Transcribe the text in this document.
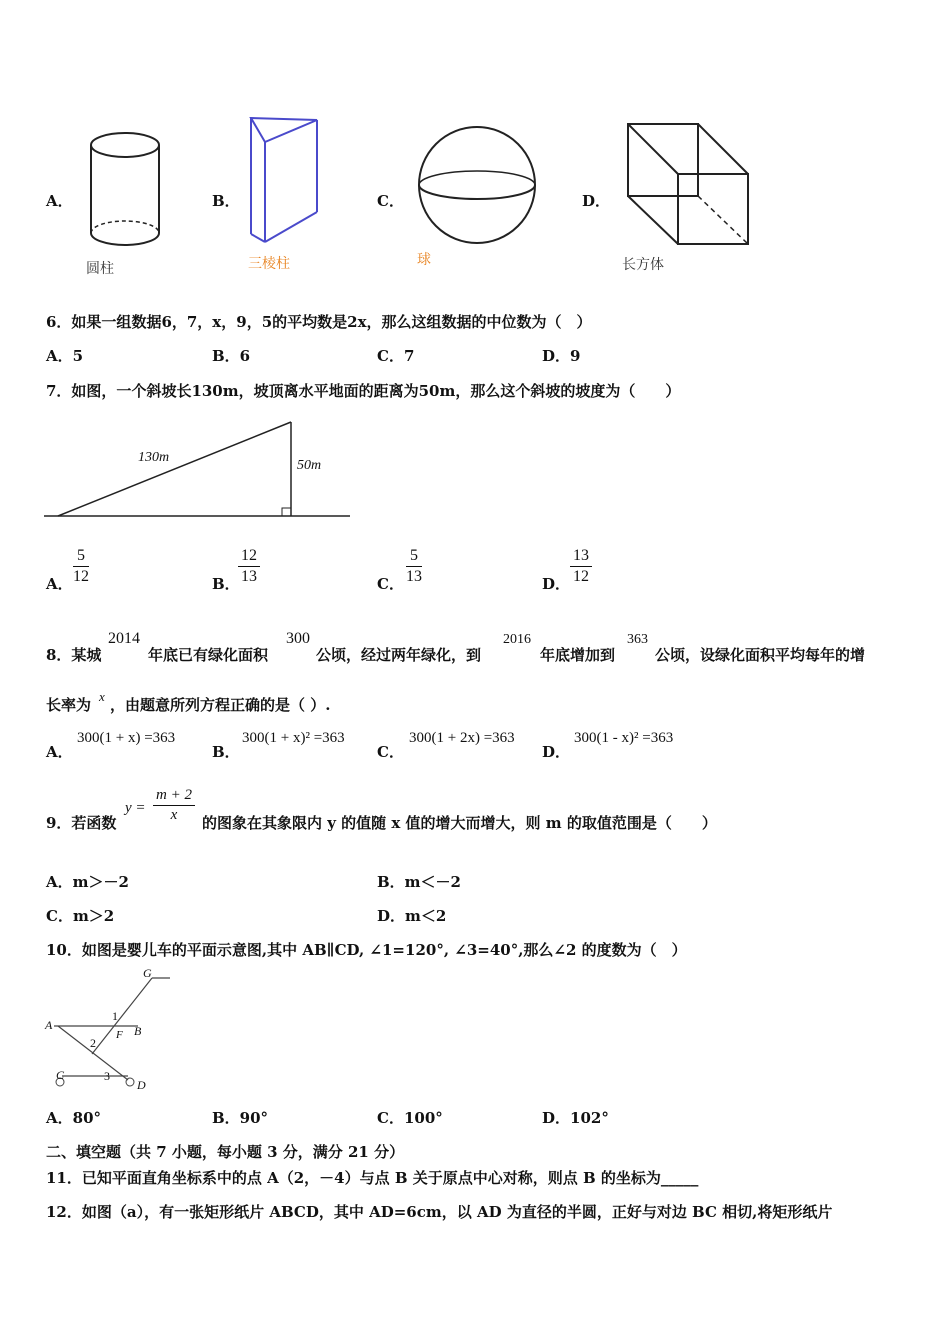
A．
圆柱
B．
三棱柱
C．
球
D．
长方体
6．如果一组数据6，7，x，9，5的平均数是2x，那么这组数据的中位数为（　）
A．5	B．6	C．7	D．9
7．如图，一个斜坡长130m，坡顶离水平地面的距离为50m，那么这个斜坡的坡度为（　　）
130m
50m
A． $\frac{5}{12}$	B．
$\frac{12}{13}$	C． $\frac{5}{13}$	D． $\frac{13}{12}$
8．某城
2014
年底已有绿化面积
300
公顷，经过两年绿化，到
2016
年底增加到
363
公顷，设绿化面积平均每年的增
长率为 x ，由题意所列方程正确的是（ ）.
A．
300(1 + x) =363
B．
300(1 + x)² =363
C．
300(1 + 2x) =363
D．
300(1 - x)² =363
9．若函数
$y = \frac{m + 2}{x}$ 的图象在其象限内 y 的值随 x 值的增大而增大，则 m 的取值范围是（　　）
A．m＞－2	B．m＜－2
C．m＞2	D．m＜2
10．如图是婴儿车的平面示意图,其中 AB∥CD, ∠1=120°, ∠3=40°,那么∠2 的度数为（　）
G
A
1
F B
2
C	3
D
A．80°	B．90°	C．100°	D．102°
二、填空题（共 7 小题，每小题 3 分，满分 21 分）
11．已知平面直角坐标系中的点 A（2，－4）与点 B 关于原点中心对称，则点 B 的坐标为_____
12．如图（a），有一张矩形纸片 ABCD，其中 AD=6cm，以 AD 为直径的半圆，正好与对边 BC 相切,将矩形纸片
